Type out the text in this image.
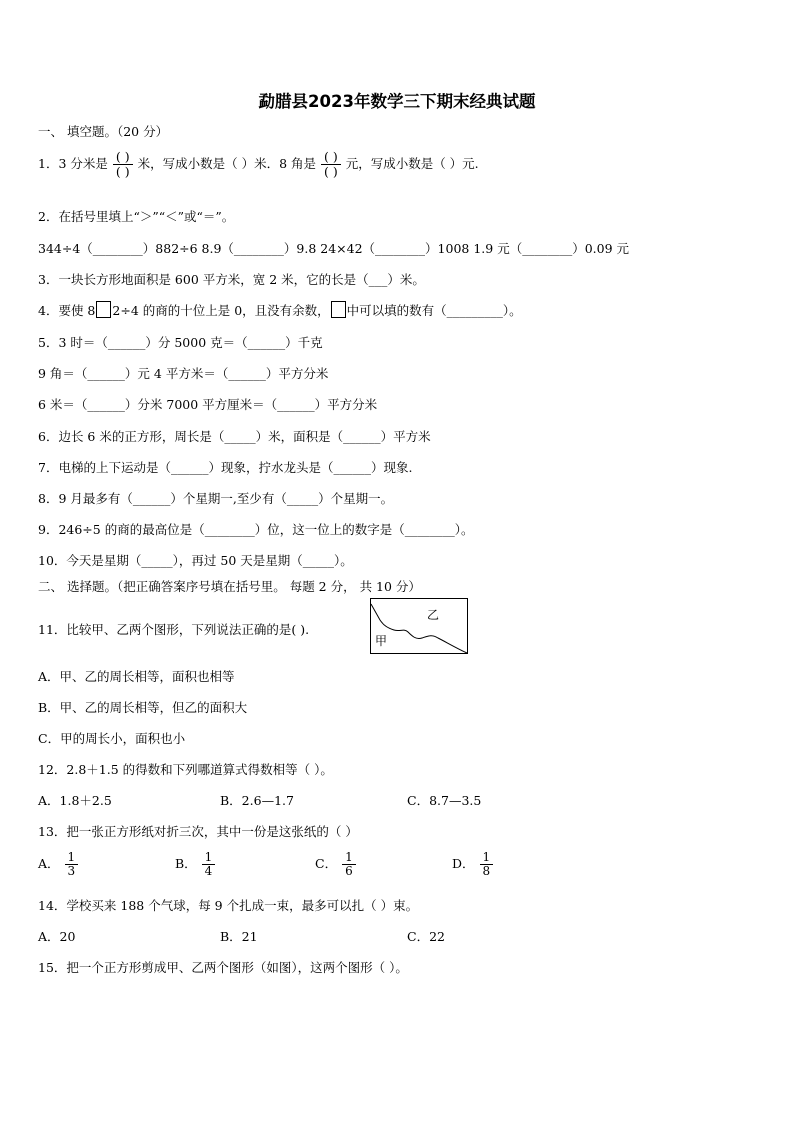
勐腊县2023年数学三下期末经典试题
一、 填空题。（20 分）
1．3 分米是 $\frac{( )}{( )}$ 米，写成小数是（ ）米．8 角是 $\frac{( )}{( )}$ 元，写成小数是（ ）元.
2．在括号里填上“＞”“＜”或“＝”。
344÷4（________）882÷6 8.9（________）9.8 24×42（________）1008 1.9 元（________）0.09 元
3．一块长方形地面积是 600 平方米，宽 2 米，它的长是（___）米。
4．要使 8 2÷4 的商的十位上是 0，且没有余数， 中可以填的数有（_________）。
5．3 时＝（______）分 5000 克＝（______）千克
9 角＝（______）元 4 平方米＝（______）平方分米
6 米＝（______）分米 7000 平方厘米＝（______）平方分米
6．边长 6 米的正方形，周长是（_____）米，面积是（______）平方米
7．电梯的上下运动是（______）现象，拧水龙头是（______）现象.
8．9 月最多有（______）个星期一,至少有（_____）个星期一。
9．246÷5 的商的最高位是（________）位，这一位上的数字是（________）。
10．今天是星期（_____），再过 50 天是星期（_____）。
二、 选择题。（把正确答案序号填在括号里。 每题 2 分， 共 10 分）
11．比较甲、乙两个图形，下列说法正确的是( ).
甲
乙
A．甲、乙的周长相等，面积也相等
B．甲、乙的周长相等，但乙的面积大
C．甲的周长小，面积也小
12．2.8＋1.5 的得数和下列哪道算式得数相等（ ）。
A．1.8＋2.5	B．2.6—1.7	C．8.7—3.5
13．把一张正方形纸对折三次，其中一份是这张纸的（ ）
A． $\frac{1}{3}$	B． $\frac{1}{4}$	C． $\frac{1}{6}$	D． $\frac{1}{8}$
14．学校买来 188 个气球，每 9 个扎成一束，最多可以扎（ ）束。
A．20	B．21	C．22
15．把一个正方形剪成甲、乙两个图形（如图），这两个图形（ ）。
